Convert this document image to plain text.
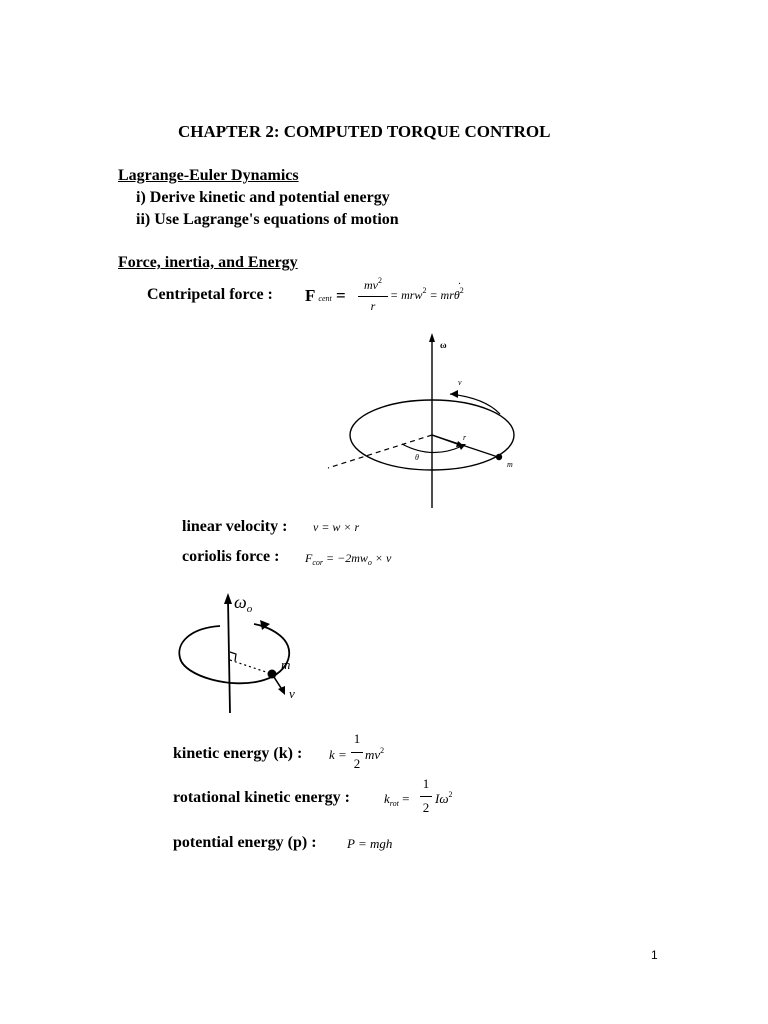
CHAPTER 2: COMPUTED TORQUE CONTROL
Lagrange-Euler Dynamics
i) Derive kinetic and potential energy
ii) Use Lagrange's equations of motion
Force, inertia, and Energy
Centripetal force : Fcent =
$mv^2$
r
= mrw$^2$ = mr
·
$\theta^2$
ω
r
θ
m
v
linear velocity : v = w × r
coriolis force : $F_{cor} = -2mw_o \times v$
$\omega_o$
m
v
kinetic energy (k) : k =
1
2
$mv^2$
rotational kinetic energy :	$k_{rot}$ =
1
2
$I\omega^2$
potential energy (p) : P = mgh
1
